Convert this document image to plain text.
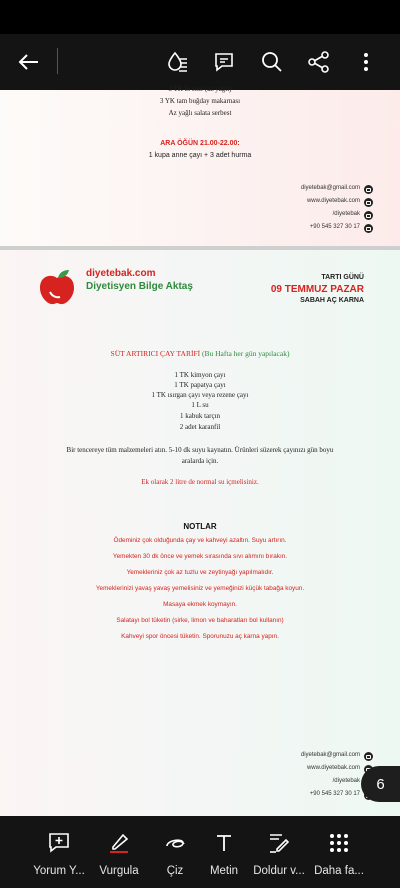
3 TK bi sote (az yağlı)
3 YK tam buğday makarnası
Az yağlı salata serbest
ARA ÖĞÜN 21.00-22.00:
1 kupa anne çayı + 3 adet hurma
diyetebak@gmail.com
www.diyetebak.com
/diyetebak
+90 545 327 30 17
diyetebak.com
Diyetisyen Bilge Aktaş
TARTI GÜNÜ
09 TEMMUZ PAZAR
SABAH AÇ KARNA
SÜT ARTIRICI ÇAY TARİFİ (Bu Hafta her gün yapılacak)
1 TK kimyon çayı
1 TK papatya çayı
1 TK ısırgan çayı veya rezene çayı
1 L su
1 kabuk tarçın
2 adet karanfil
Bir tencereye tüm malzemeleri atın. 5-10 dk suyu kaynatın. Ürünleri süzerek çayınızı gün boyu
aralarda için.
Ek olarak 2 litre de normal su içmelisiniz.
NOTLAR
Ödeminiz çok olduğunda çay ve kahveyi azaltın. Suyu artırın.
Yemekten 30 dk önce ve yemek sırasında sıvı alımını bırakın.
Yemekleriniz çok az tuzlu ve zeytinyağı yapılmalıdır.
Yemeklerinizi yavaş yavaş yemelisiniz ve yemeğinizi küçük tabağa koyun.
Masaya ekmek koymayın.
Salatayı bol tüketin (sirke, limon ve baharatları bol kullanın)
Kahveyi spor öncesi tüketin. Sporunuzu aç karna yapın.
diyetebak@gmail.com
www.diyetebak.com
/diyetebak
+90 545 327 30 17
6
Yorum Y...	Vurgula	Çiz	Metin	Doldur v... Daha fa...
